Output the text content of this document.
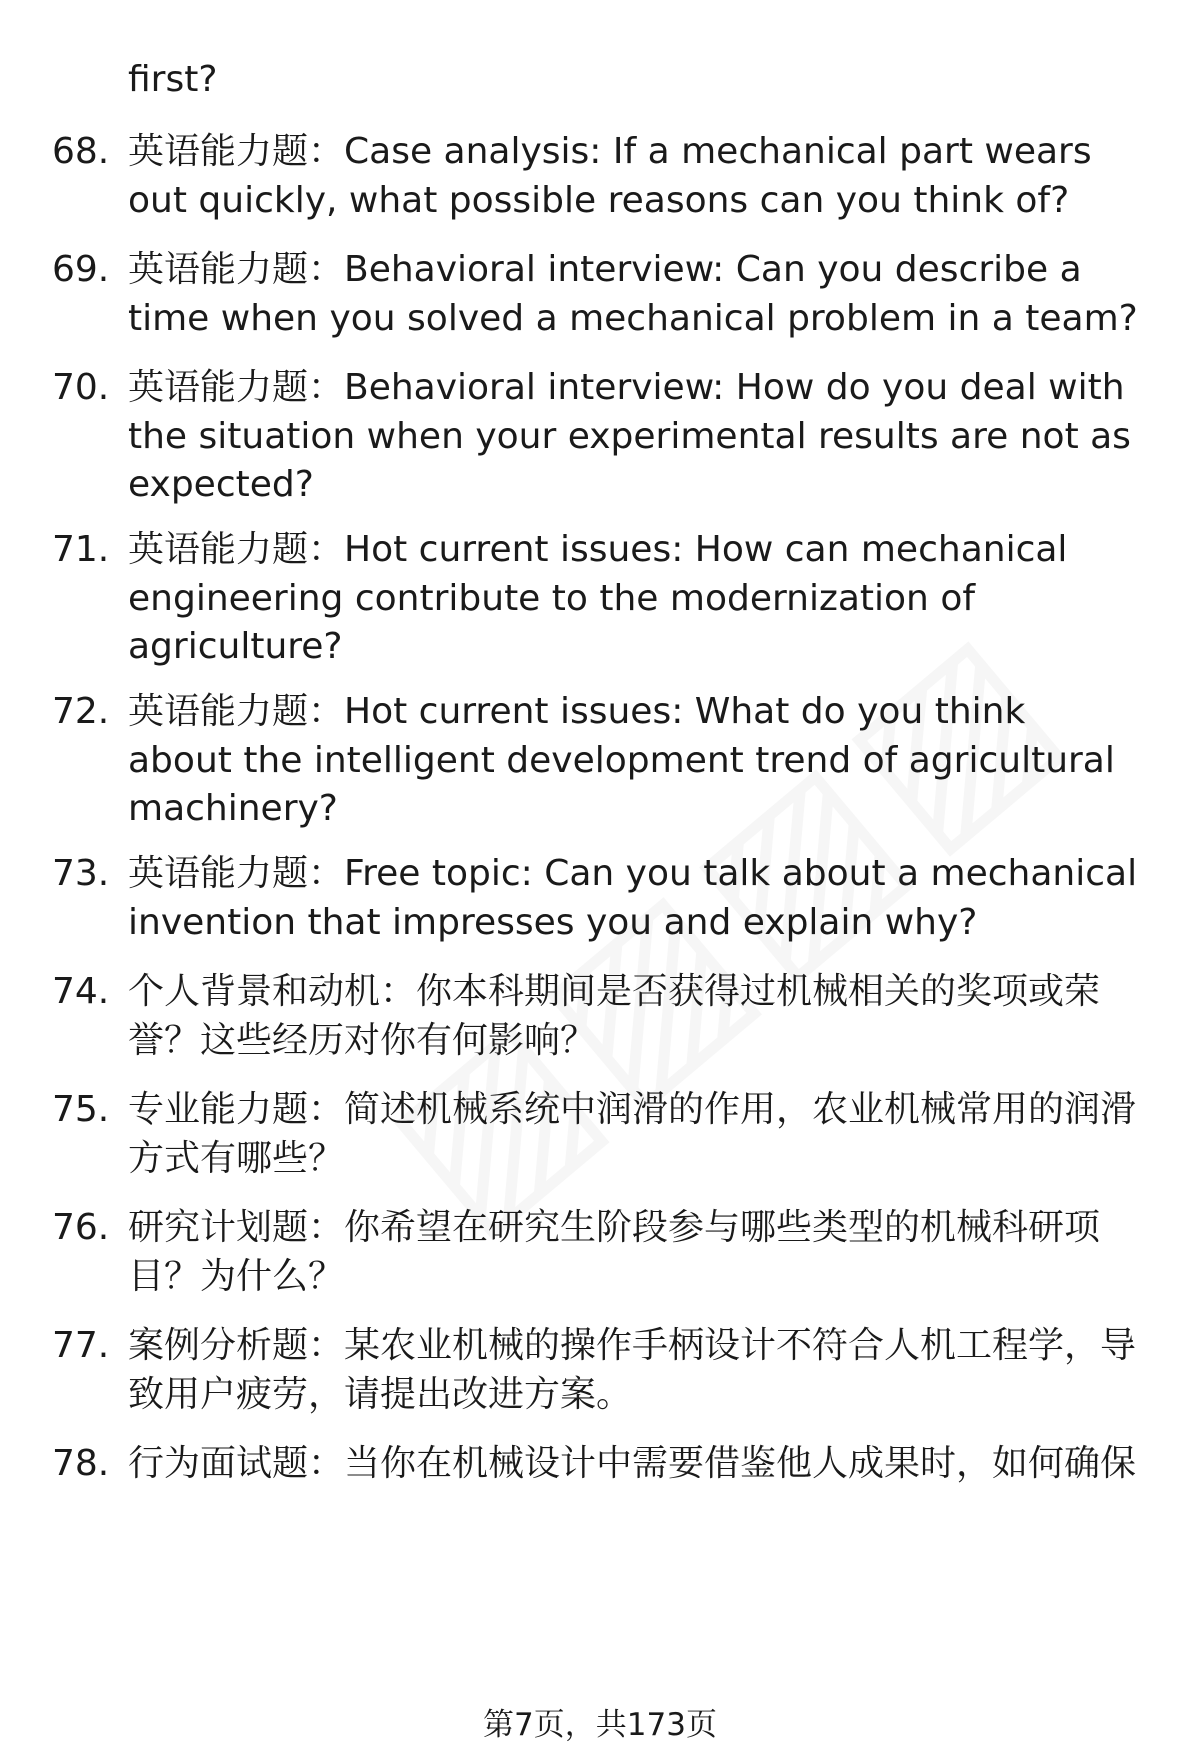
first?
68. 英语能力题：Case analysis: If a mechanical part wears out quickly, what possible reasons can you think of?
69. 英语能力题：Behavioral interview: Can you describe a time when you solved a mechanical problem in a team?
70. 英语能力题：Behavioral interview: How do you deal with the situation when your experimental results are not as expected?
71. 英语能力题：Hot current issues: How can mechanical engineering contribute to the modernization of agriculture?
72. 英语能力题：Hot current issues: What do you think about the intelligent development trend of agricultural machinery?
73. 英语能力题：Free topic: Can you talk about a mechanical invention that impresses you and explain why?
74. 个人背景和动机：你本科期间是否获得过机械相关的奖项或荣誉？这些经历对你有何影响？
75. 专业能力题：简述机械系统中润滑的作用，农业机械常用的润滑方式有哪些？
76. 研究计划题：你希望在研究生阶段参与哪些类型的机械科研项目？为什么？
77. 案例分析题：某农业机械的操作手柄设计不符合人机工程学，导致用户疲劳，请提出改进方案。
78. 行为面试题：当你在机械设计中需要借鉴他人成果时，如何确保
第7页，共173页
